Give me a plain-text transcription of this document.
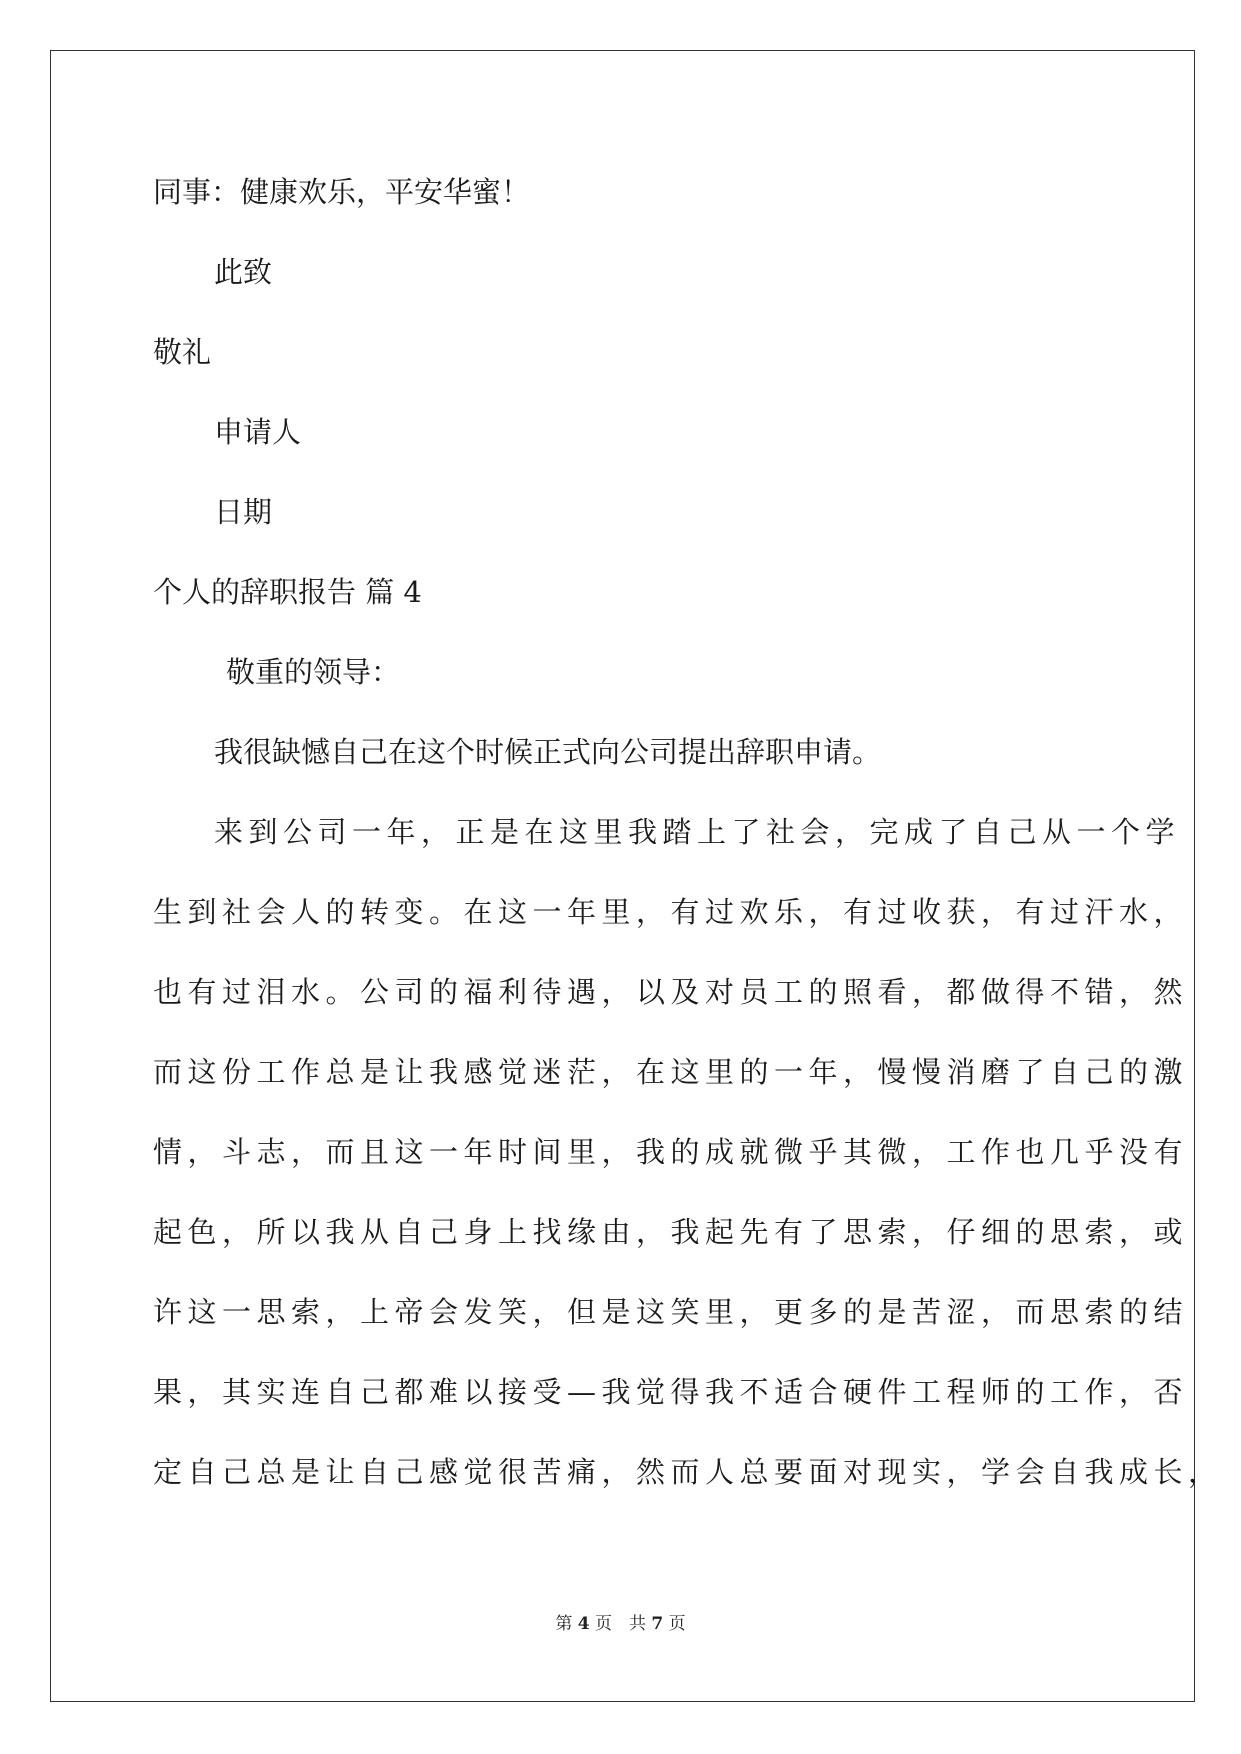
同事：健康欢乐，平安华蜜！
此致
敬礼
申请人
日期
个人的辞职报告 篇 4
敬重的领导：
我很缺憾自己在这个时候正式向公司提出辞职申请。
来到公司一年，正是在这里我踏上了社会，完成了自己从一个学
生到社会人的转变。在这一年里，有过欢乐，有过收获，有过汗水，
也有过泪水。公司的福利待遇，以及对员工的照看，都做得不错，然
而这份工作总是让我感觉迷茫，在这里的一年，慢慢消磨了自己的激
情，斗志，而且这一年时间里，我的成就微乎其微，工作也几乎没有
起色，所以我从自己身上找缘由，我起先有了思索，仔细的思索，或
许这一思索，上帝会发笑，但是这笑里，更多的是苦涩，而思索的结
果，其实连自己都难以接受—我觉得我不适合硬件工程师的工作，否
定自己总是让自己感觉很苦痛，然而人总要面对现实，学会自我成长，
第 4 页　共 7 页
